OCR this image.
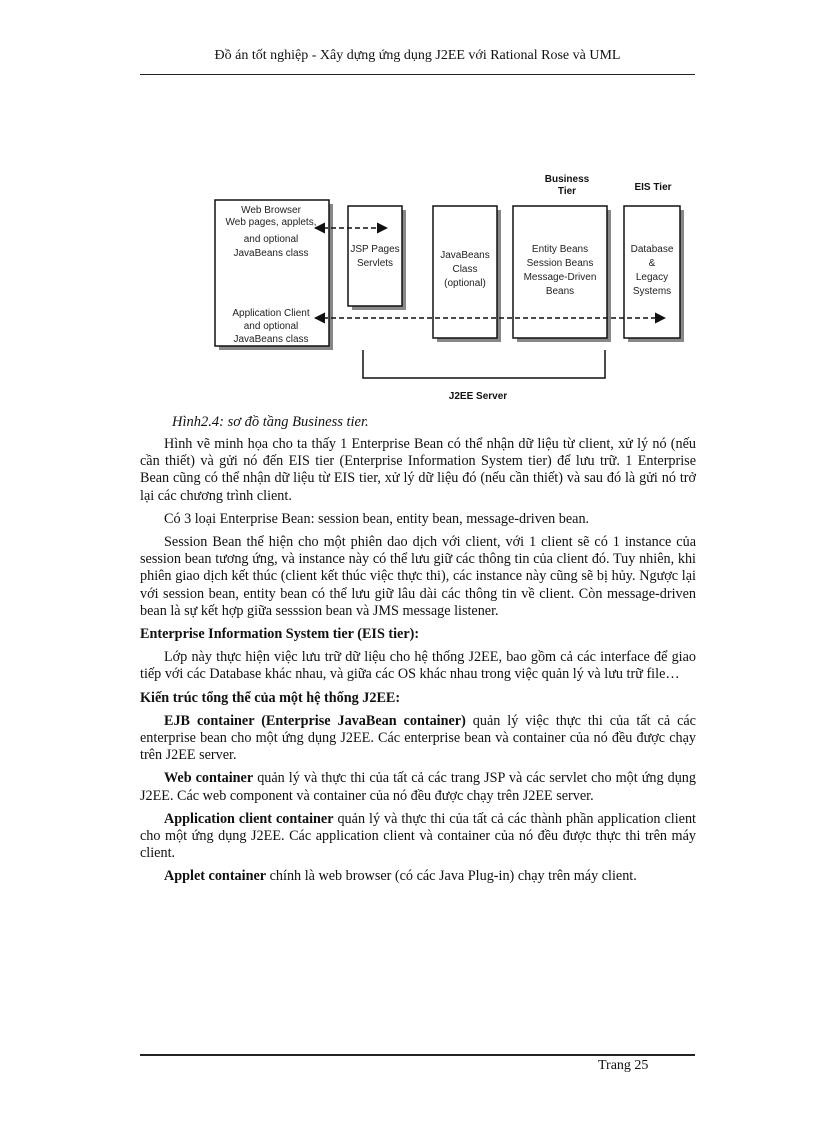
Đồ án tốt nghiệp - Xây dựng ứng dụng J2EE với Rational Rose và UML
Business
Tier	EIS Tier
Web Browser
Web pages, applets,
and optional
JavaBeans class
Application Client
and optional
JavaBeans class
JSP Pages
Servlets
JavaBeans
Class
(optional)
Entity Beans
Session Beans
Message-Driven
Beans
Database
&
Legacy
Systems
J2EE Server
Hình2.4: sơ đồ tầng Business tier.

Hình vẽ minh họa cho ta thấy 1 Enterprise Bean có thể nhận dữ liệu từ client, xử lý nó (nếu cần thiết) và gửi nó đến EIS tier (Enterprise Information System tier) để lưu trữ. 1 Enterprise Bean cũng có thể nhận dữ liệu từ EIS tier, xử lý dữ liệu đó (nếu cần thiết) và sau đó là gửi nó trở lại các chương trình client.

Có 3 loại Enterprise Bean: session bean, entity bean, message-driven bean.

Session Bean thể hiện cho một phiên dao dịch với client, với 1 client sẽ có 1 instance của session bean tương ứng, và instance này có thể lưu giữ các thông tin của client đó. Tuy nhiên, khi phiên giao dịch kết thúc (client kết thúc việc thực thi), các instance này cũng sẽ bị hủy. Ngược lại với session bean, entity bean có thể lưu giữ lâu dài các thông tin về client. Còn message-driven bean là sự kết hợp giữa sesssion bean và JMS message listener.

Enterprise Information System tier (EIS tier):

Lớp này thực hiện việc lưu trữ dữ liệu cho hệ thống J2EE, bao gồm cả các interface để giao tiếp với các Database khác nhau, và giữa các OS khác nhau trong việc quản lý và lưu trữ file…

Kiến trúc tổng thể của một hệ thống J2EE:

EJB container (Enterprise JavaBean container) quản lý việc thực thi của tất cả các enterprise bean cho một ứng dụng J2EE. Các enterprise bean và container của nó đều được chạy trên J2EE server.

Web container quản lý và thực thi của tất cả các trang JSP và các servlet cho một ứng dụng J2EE. Các web component và container của nó đều được chạy trên J2EE server.

Application client container quản lý và thực thi của tất cả các thành phần application client cho một ứng dụng J2EE. Các application client và container của nó đều được thực thi trên máy client.

Applet container chính là web browser (có các Java Plug-in) chạy trên máy client.

Trang 25
